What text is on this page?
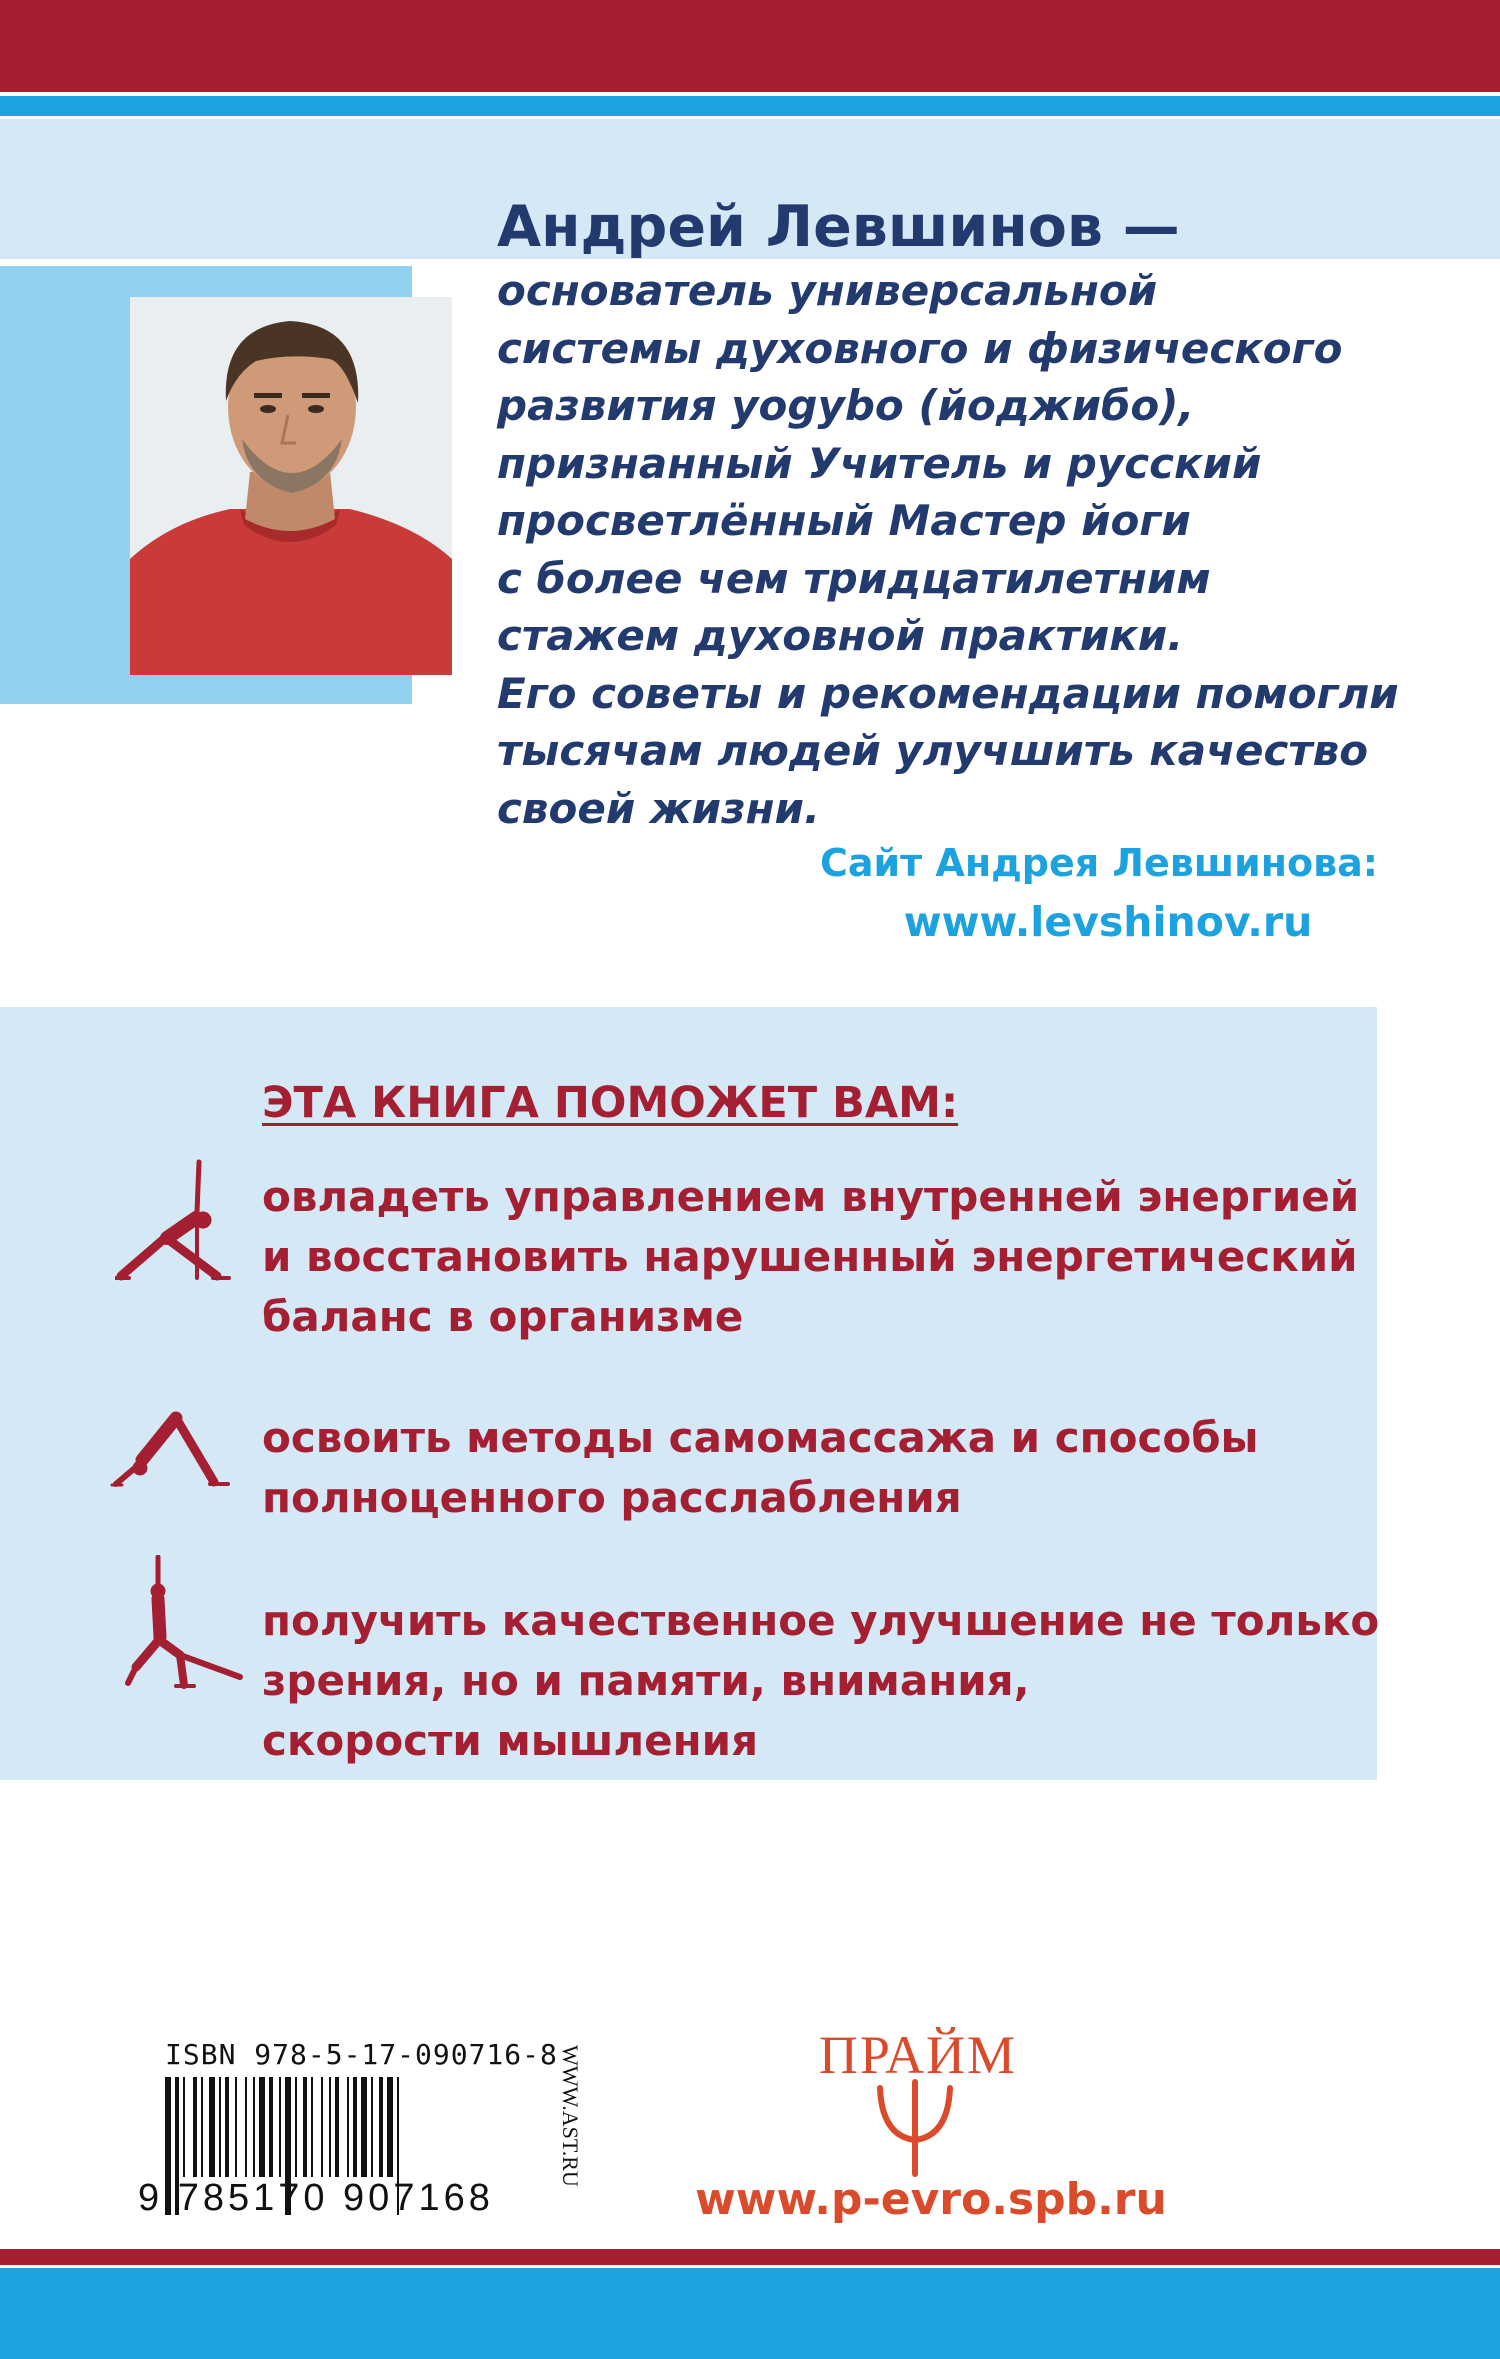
Андрей Левшинов —
основатель универсальной
системы духовного и физического
развития yogybo (йоджибо),
признанный Учитель и русский
просветлённый Мастер йоги
с более чем тридцатилетним
стажем духовной практики.
Его советы и рекомендации помогли
тысячам людей улучшить качество
своей жизни.
Сайт Андрея Левшинова:
www.levshinov.ru
ЭТА КНИГА ПОМОЖЕТ ВАМ:
овладеть управлением внутренней энергией
и восстановить нарушенный энергетический
баланс в организме
освоить методы самомассажа и способы
полноценного расслабления
получить качественное улучшение не только
зрения, но и памяти, внимания,
скорости мышления
ISBN 978-5-17-090716-8
9 785170 907168
WWW.AST.RU	ПРАЙМ
www.p-evro.spb.ru
